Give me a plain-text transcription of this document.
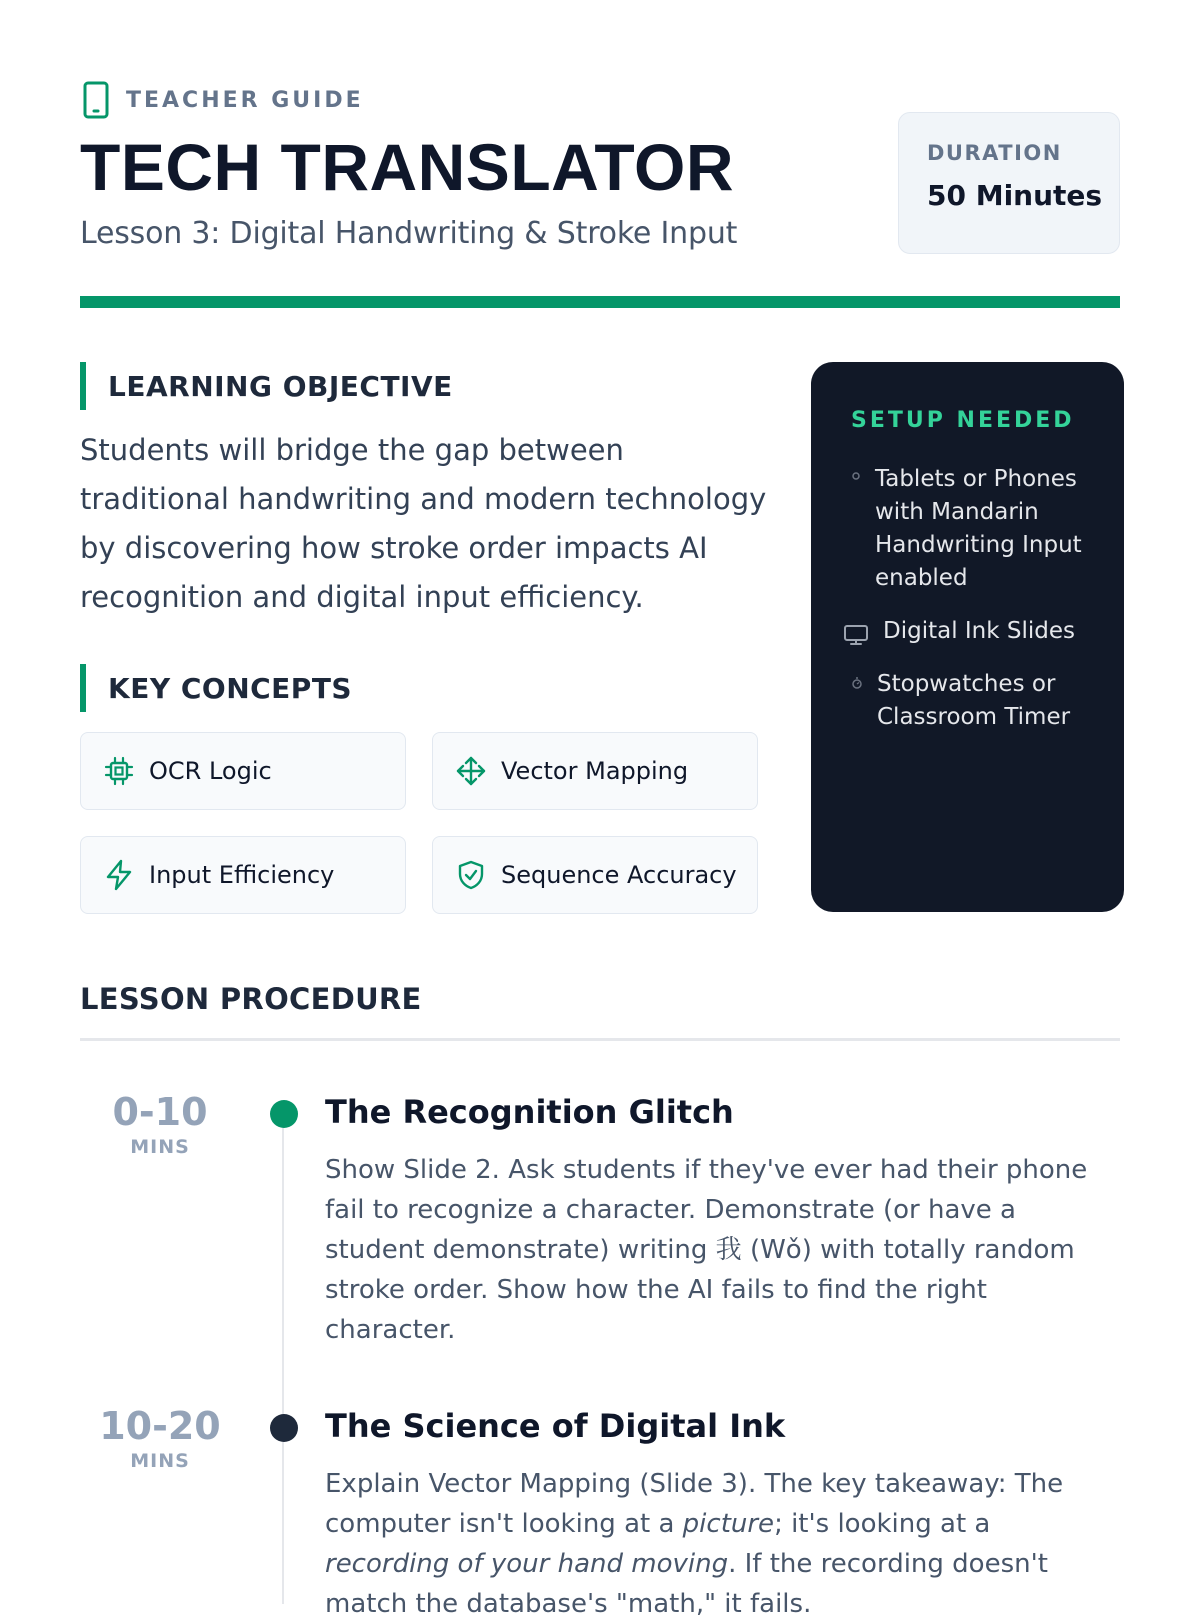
TEACHER GUIDE
TECH TRANSLATOR
Lesson 3: Digital Handwriting & Stroke Input
DURATION
50 Minutes
LEARNING OBJECTIVE

Students will bridge the gap between traditional handwriting and modern technology by discovering how stroke order impacts AI recognition and digital input efficiency.

KEY CONCEPTS
OCR Logic	Vector Mapping
Input Efficiency	Sequence Accuracy
SETUP NEEDED
Tablets or Phones with Mandarin Handwriting Input enabled
Digital Ink Slides
Stopwatches or Classroom Timer
LESSON PROCEDURE
0-10
MINS
The Recognition Glitch

Show Slide 2. Ask students if they've ever had their phone fail to recognize a character. Demonstrate (or have a student demonstrate) writing 我 (Wǒ) with totally random stroke order. Show how the AI fails to find the right character.

10-20
MINS
The Science of Digital Ink

Explain Vector Mapping (Slide 3). The key takeaway: The computer isn't looking at a picture; it's looking at a recording of your hand moving. If the recording doesn't match the database's "math," it fails.
